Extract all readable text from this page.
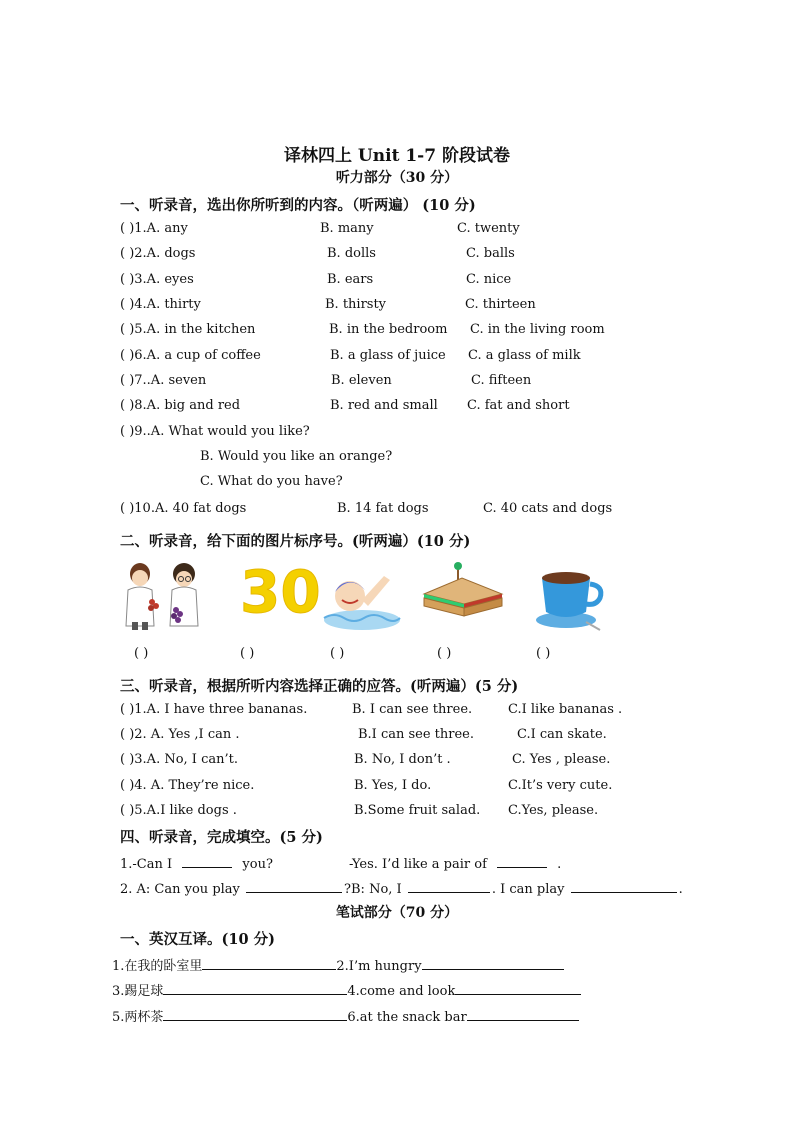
译林四上 Unit 1-7 阶段试卷
听力部分（30 分）
一、听录音，选出你所听到的内容。（听两遍） (10 分)
( )1.A. any	B. many	C. twenty
( )2.A. dogs	B. dolls	C. balls
( )3.A. eyes	B. ears	C. nice
( )4.A. thirty	B. thirsty	C. thirteen
( )5.A. in the kitchen	B. in the bedroom C. in the living room
( )6.A. a cup of coffee	B. a glass of juice C. a glass of milk
( )7..A. seven	B. eleven	C. fifteen
( )8.A. big and red	B. red and small C. fat and short
( )9..A. What would you like?
B. Would you like an orange?
C. What do you have?
( )10.A. 40 fat dogs	B. 14 fat dogs	C. 40 cats and dogs
二、听录音，给下面的图片标序号。(听两遍）(10 分)
30
( )	( )	( )	( )	( )
三、听录音，根据所听内容选择正确的应答。(听两遍）(5 分)
( )1.A. I have three bananas.	B. I can see three.	C.I like bananas .
( )2. A. Yes ,I can .	B.I can see three.	C.I can skate.
( )3.A. No, I can’t.	B. No, I don’t .	C. Yes , please.
( )4. A. They’re nice.	B. Yes, I do.	C.It’s very cute.
( )5.A.I like dogs .	B.Some fruit salad. C.Yes, please.
四、听录音，完成填空。(5 分)
1.-Can I	you?	-Yes. I’d like a pair of	.
2. A: Can you play	?B: No, I	. I can play	.
笔试部分（70 分）
一、英汉互译。(10 分)
1.在我的卧室里	2.I’m hungry
3.踢足球	4.come and look
5.两杯茶	6.at the snack bar
